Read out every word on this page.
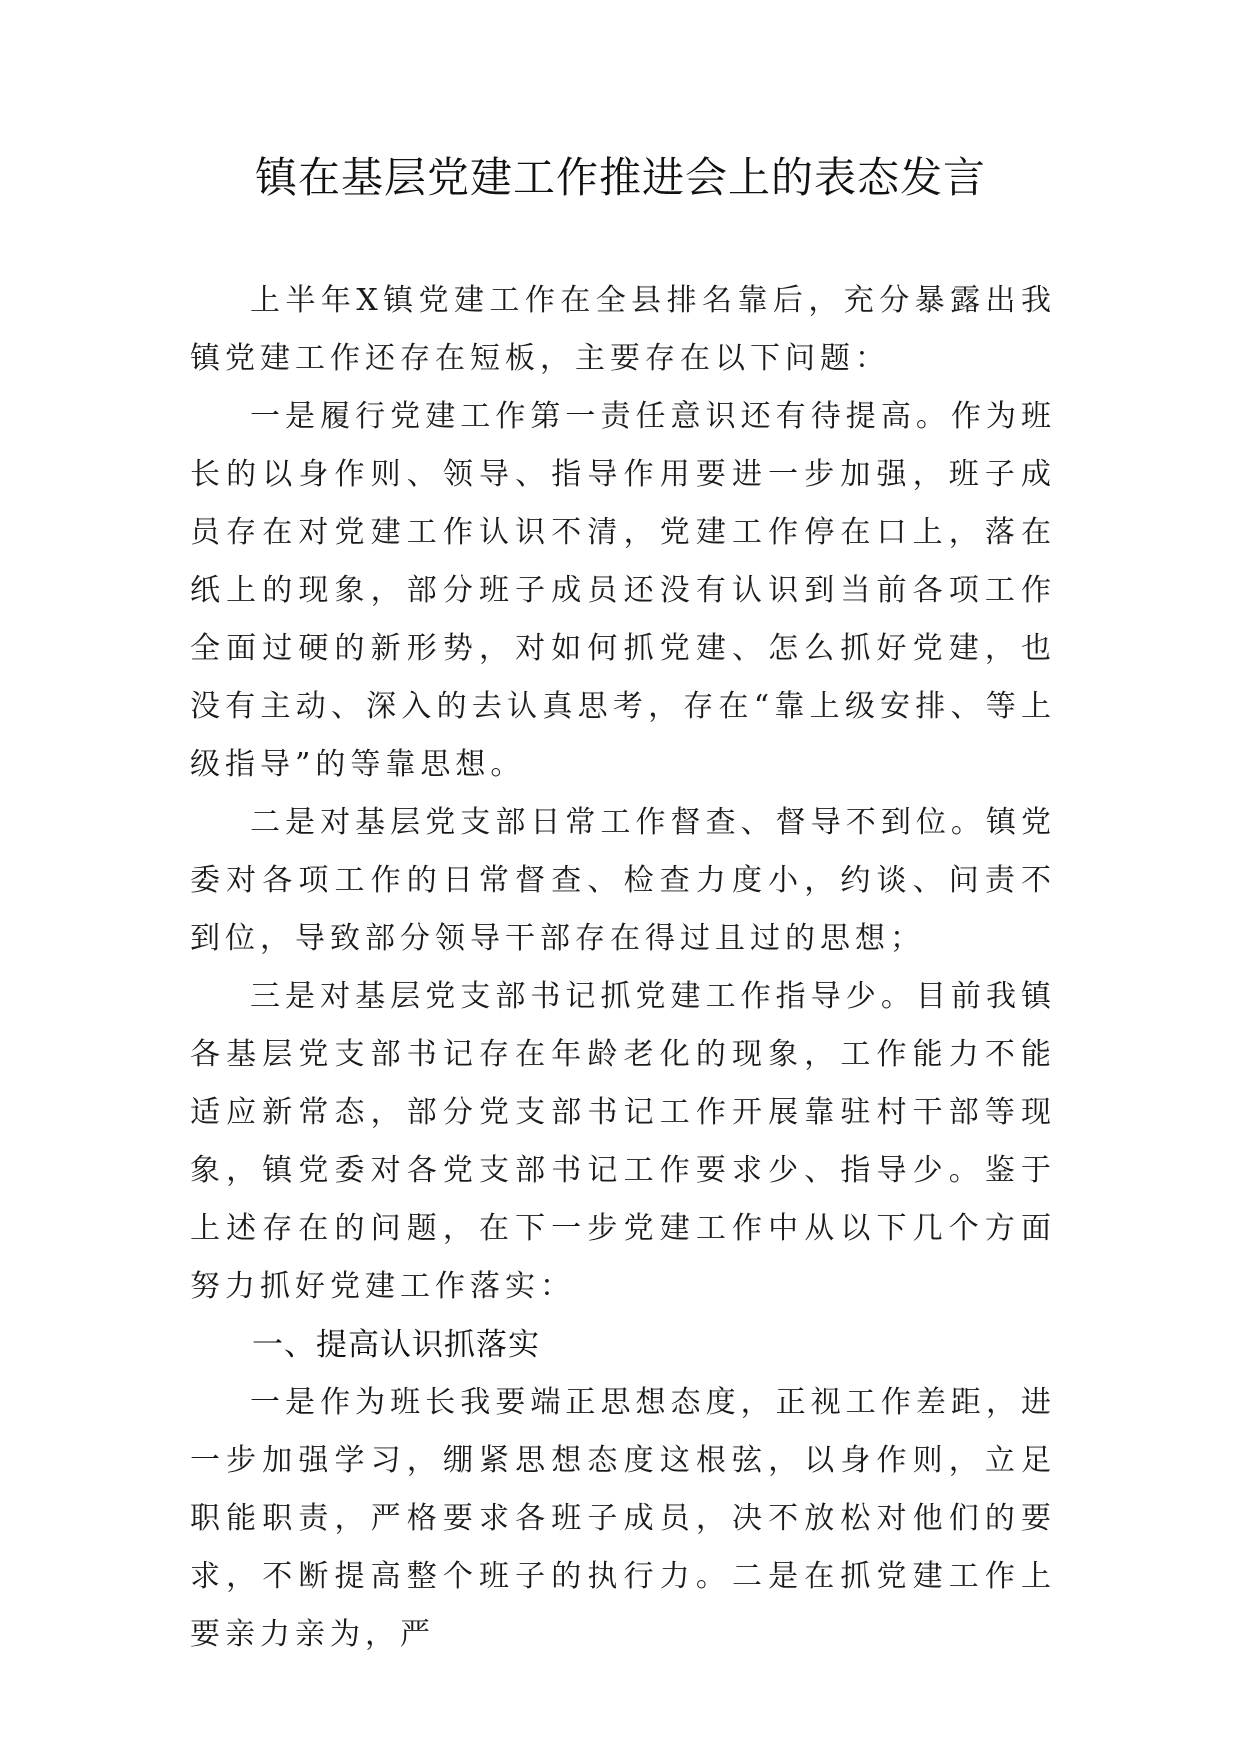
镇在基层党建工作推进会上的表态发言

上半年X镇党建工作在全县排名靠后，充分暴露出我镇党建工作还存在短板，主要存在以下问题：

一是履行党建工作第一责任意识还有待提高。作为班长的以身作则、领导、指导作用要进一步加强，班子成员存在对党建工作认识不清，党建工作停在口上，落在纸上的现象，部分班子成员还没有认识到当前各项工作全面过硬的新形势，对如何抓党建、怎么抓好党建，也没有主动、深入的去认真思考，存在“靠上级安排、等上级指导”的等靠思想。

二是对基层党支部日常工作督查、督导不到位。镇党委对各项工作的日常督查、检查力度小，约谈、问责不到位，导致部分领导干部存在得过且过的思想；

三是对基层党支部书记抓党建工作指导少。目前我镇各基层党支部书记存在年龄老化的现象，工作能力不能适应新常态，部分党支部书记工作开展靠驻村干部等现象，镇党委对各党支部书记工作要求少、指导少。鉴于上述存在的问题，在下一步党建工作中从以下几个方面努力抓好党建工作落实：

一、提高认识抓落实

一是作为班长我要端正思想态度，正视工作差距，进一步加强学习，绷紧思想态度这根弦，以身作则，立足职能职责，严格要求各班子成员，决不放松对他们的要求，不断提高整个班子的执行力。二是在抓党建工作上要亲力亲为，严
